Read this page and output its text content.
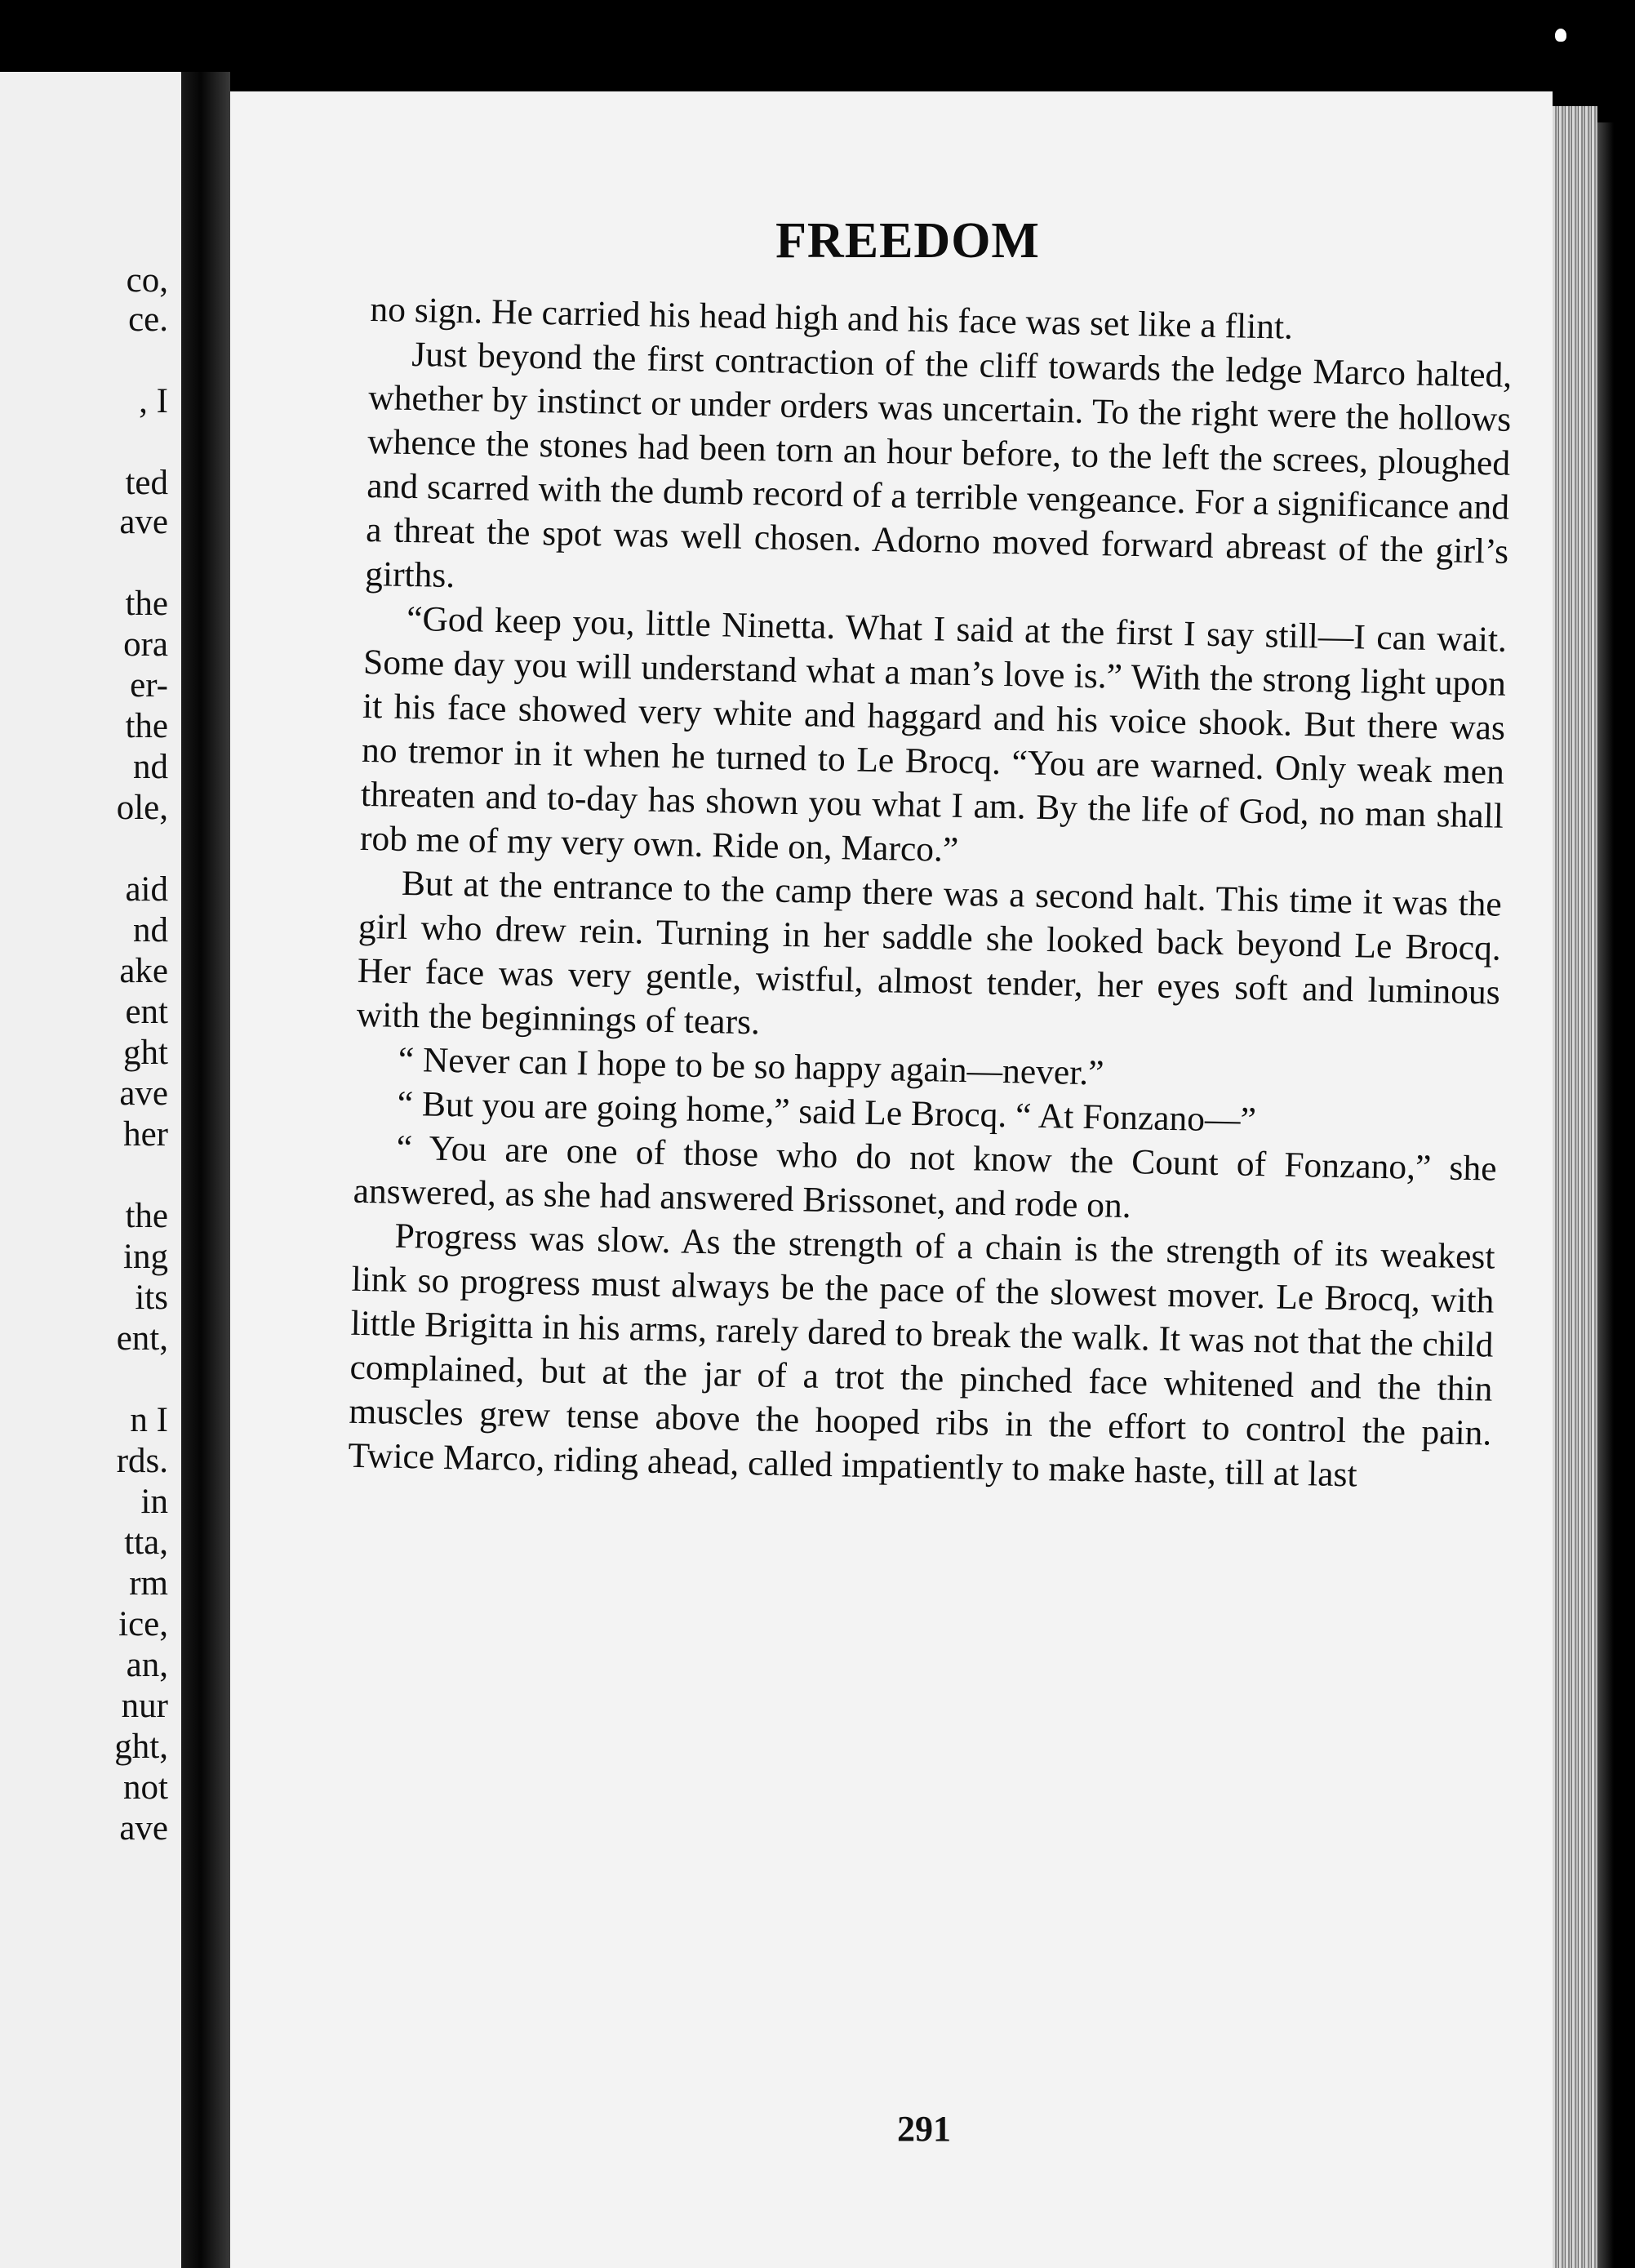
co,
ce.
, I
ted
ave
the
ora
er-
the
nd
ole,
aid
nd
ake
ent
ght
ave
her
the
ing
its
ent,
n I
rds.
in
tta,
rm
ice,
an,
nur
ght,
not
ave
FREEDOM

no sign. He carried his head high and his face was set like a flint.

Just beyond the first contraction of the cliff towards the ledge Marco halted, whether by instinct or under orders was uncertain. To the right were the hollows whence the stones had been torn an hour before, to the left the screes, ploughed and scarred with the dumb record of a terrible vengeance. For a significance and a threat the spot was well chosen. Adorno moved forward abreast of the girl’s girths.

“God keep you, little Ninetta. What I said at the first I say still—I can wait. Some day you will understand what a man’s love is.” With the strong light upon it his face showed very white and haggard and his voice shook. But there was no tremor in it when he turned to Le Brocq. “You are warned. Only weak men threaten and to-day has shown you what I am. By the life of God, no man shall rob me of my very own. Ride on, Marco.”

But at the entrance to the camp there was a second halt. This time it was the girl who drew rein. Turning in her saddle she looked back beyond Le Brocq. Her face was very gentle, wistful, almost tender, her eyes soft and luminous with the beginnings of tears.

“ Never can I hope to be so happy again—never.”

“ But you are going home,” said Le Brocq. “ At Fonzano—”

“ You are one of those who do not know the Count of Fonzano,” she answered, as she had answered Brissonet, and rode on.

Progress was slow. As the strength of a chain is the strength of its weakest link so progress must always be the pace of the slowest mover. Le Brocq, with little Brigitta in his arms, rarely dared to break the walk. It was not that the child complained, but at the jar of a trot the pinched face whitened and the thin muscles grew tense above the hooped ribs in the effort to control the pain. Twice Marco, riding ahead, called impatiently to make haste, till at last

291
